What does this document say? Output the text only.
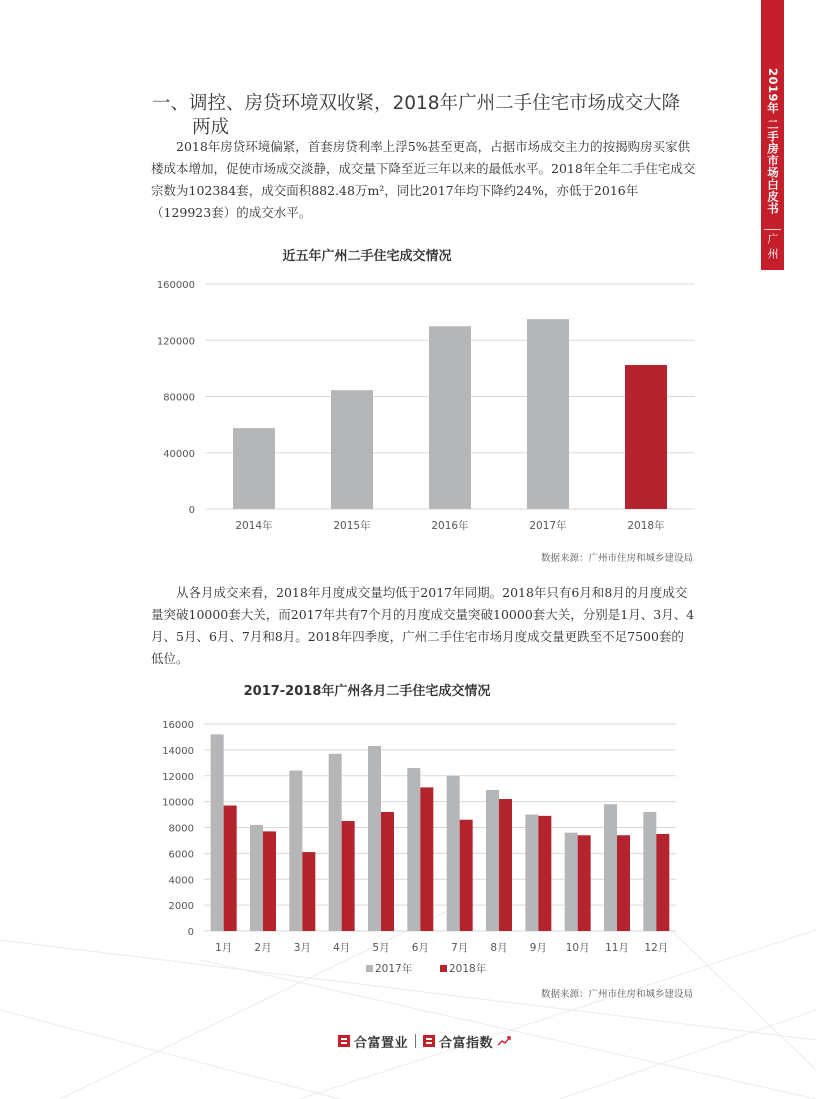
2019年 二手房市场白皮书
广州
一、调控、房贷环境双收紧，2018年广州二手住宅市场成交大降
两成

2018年房贷环境偏紧，首套房贷利率上浮5%甚至更高，占据市场成交主力的按揭购房买家供楼成本增加，促使市场成交淡静，成交量下降至近三年以来的最低水平。2018年全年二手住宅成交宗数为102384套，成交面积882.48万m²，同比2017年均下降约24%，亦低于2016年（129923套）的成交水平。

近五年广州二手住宅成交情况
0
40000
80000
120000
160000
2014年	2015年	2016年	2017年	2018年
数据来源：广州市住房和城乡建设局

从各月成交来看，2018年月度成交量均低于2017年同期。2018年只有6月和8月的月度成交量突破10000套大关，而2017年共有7个月的月度成交量突破10000套大关，分别是1月、3月、4月、5月、6月、7月和8月。2018年四季度，广州二手住宅市场月度成交量更跌至不足7500套的低位。

2017-2018年广州各月二手住宅成交情况
0
2000
4000
6000
8000
10000
12000
14000
16000
1月 2月 3月 4月 5月 6月 7月 8月 9月 10月 11月 12月
2017年	2018年
数据来源：广州市住房和城乡建设局
合富置业 合富指数
